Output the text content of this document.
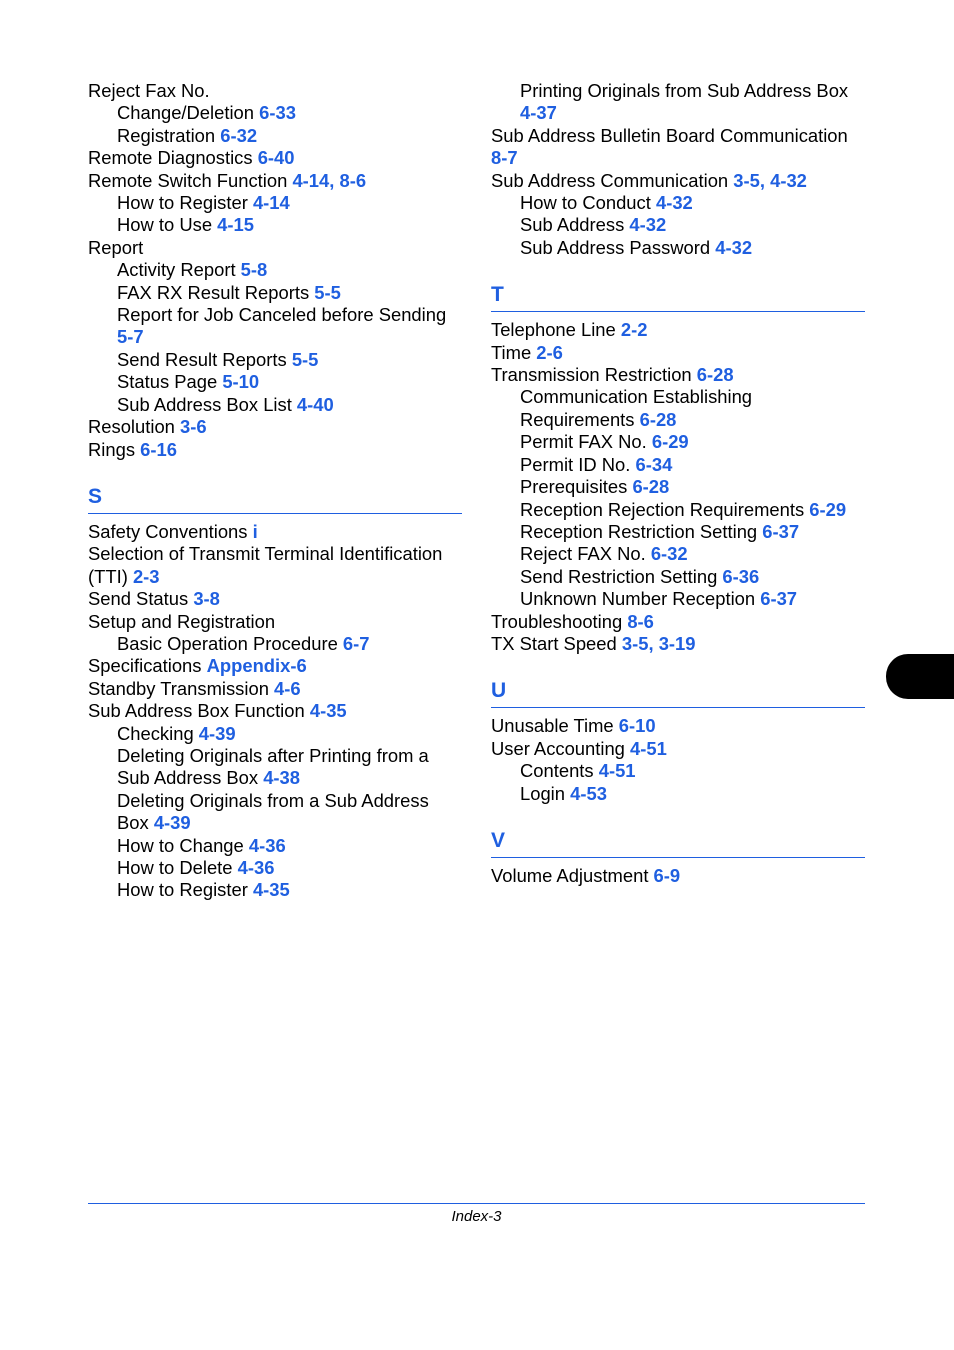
Reject Fax No.
Change/Deletion 6-33
Registration 6-32
Remote Diagnostics 6-40
Remote Switch Function 4-14, 8-6
How to Register 4-14
How to Use 4-15
Report
Activity Report 5-8
FAX RX Result Reports 5-5
Report for Job Canceled before Sending 5-7
Send Result Reports 5-5
Status Page 5-10
Sub Address Box List 4-40
Resolution 3-6
Rings 6-16
S
Safety Conventions i
Selection of Transmit Terminal Identification (TTI) 2-3
Send Status 3-8
Setup and Registration
Basic Operation Procedure 6-7
Specifications Appendix-6
Standby Transmission 4-6
Sub Address Box Function 4-35
Checking 4-39
Deleting Originals after Printing from a Sub Address Box 4-38
Deleting Originals from a Sub Address Box 4-39
How to Change 4-36
How to Delete 4-36
How to Register 4-35
Printing Originals from Sub Address Box 4-37
Sub Address Bulletin Board Communication 8-7
Sub Address Communication 3-5, 4-32
How to Conduct 4-32
Sub Address 4-32
Sub Address Password 4-32
T
Telephone Line 2-2
Time 2-6
Transmission Restriction 6-28
Communication Establishing Requirements 6-28
Permit FAX No. 6-29
Permit ID No. 6-34
Prerequisites 6-28
Reception Rejection Requirements 6-29
Reception Restriction Setting 6-37
Reject FAX No. 6-32
Send Restriction Setting 6-36
Unknown Number Reception 6-37
Troubleshooting 8-6
TX Start Speed 3-5, 3-19
U
Unusable Time 6-10
User Accounting 4-51
Contents 4-51
Login 4-53
V
Volume Adjustment 6-9
Index-3
